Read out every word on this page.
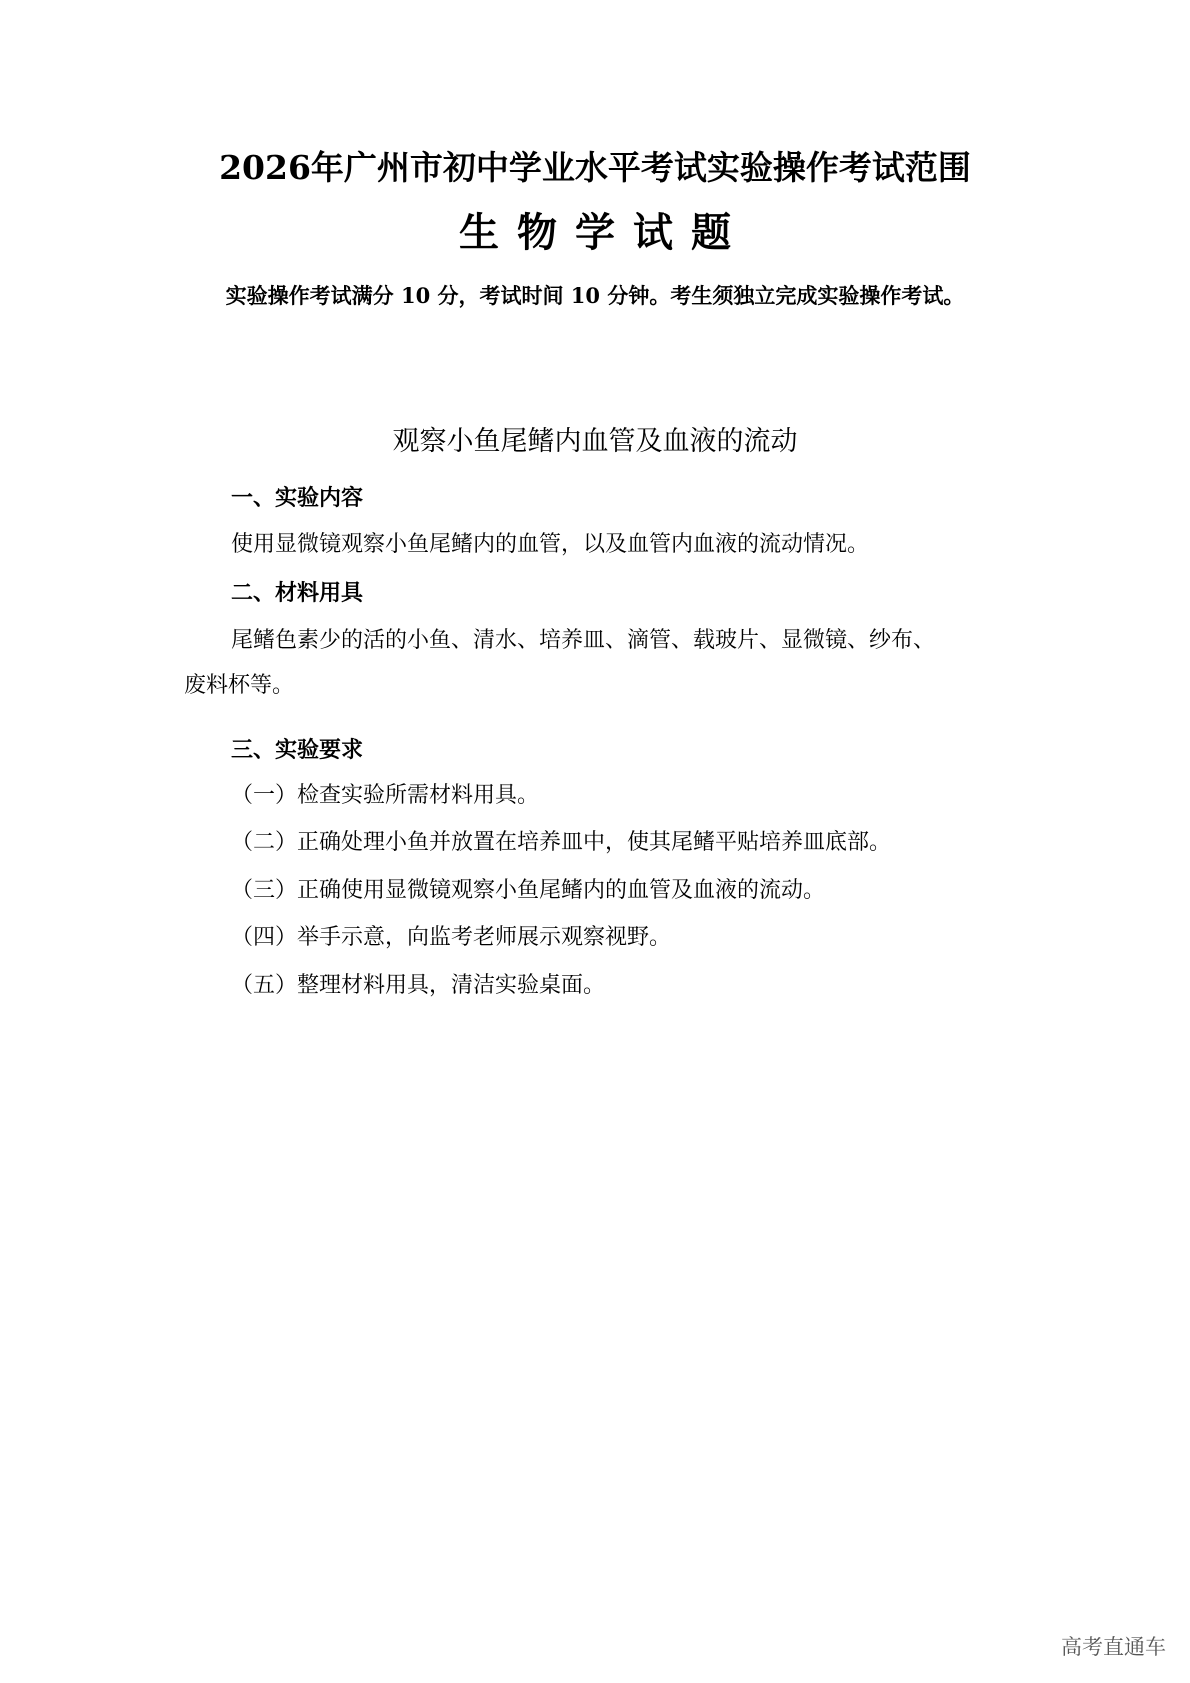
2026年广州市初中学业水平考试实验操作考试范围
生物学试题
实验操作考试满分 10 分，考试时间 10 分钟。考生须独立完成实验操作考试。
观察小鱼尾鳍内血管及血液的流动
一、实验内容
使用显微镜观察小鱼尾鳍内的血管，以及血管内血液的流动情况。
二、材料用具
尾鳍色素少的活的小鱼、清水、培养皿、滴管、载玻片、显微镜、纱布、
废料杯等。
三、实验要求
（一）检查实验所需材料用具。
（二）正确处理小鱼并放置在培养皿中，使其尾鳍平贴培养皿底部。
（三）正确使用显微镜观察小鱼尾鳍内的血管及血液的流动。
（四）举手示意，向监考老师展示观察视野。
（五）整理材料用具，清洁实验桌面。
高考直通车
